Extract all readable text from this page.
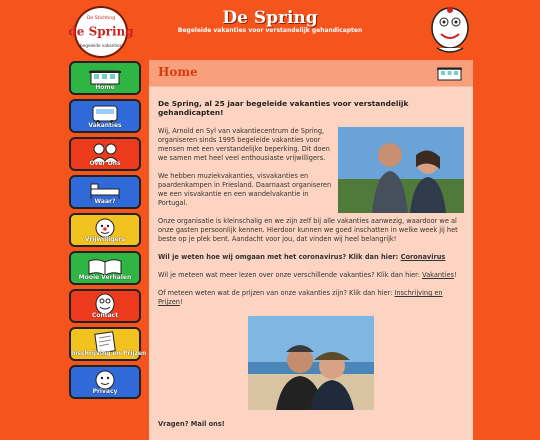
De Stichting
de Spring
begeleide vakanties
De Spring
Begeleide vakanties voor verstandelijk gehandicapten
Home
Vakanties
Over Ons
Waar?
Vrijwilligers
Mooie Verhalen
Contact
Inschrijving en Prijzen
Privacy
Home
De Spring, al 25 jaar begeleide vakanties voor verstandelijk gehandicapten!
Wij, Arnold en Syl van vakantiecentrum de Spring, organiseren sinds 1995 begeleide vakanties voor mensen met een verstandelijke beperking. Dit doen we samen met heel veel enthousiaste vrijwilligers.
We hebben muziekvakanties, visvakanties en paardenkampen in Friesland. Daarnaast organiseren we een visvakantie en een wandelvakantie in Portugal.
Onze organisatie is kleinschalig en we zijn zelf bij alle vakanties aanwezig, waardoor we al onze gasten persoonlijk kennen. Hierdoor kunnen we goed inschatten in welke week jij het beste op je plek bent. Aandacht voor jou, dat vinden wij heel belangrijk!
Wil je weten hoe wij omgaan met het coronavirus? Klik dan hier: Coronavirus
Wil je meteen wat meer lezen over onze verschillende vakanties? Klik dan hier: Vakanties!
Of meteen weten wat de prijzen van onze vakanties zijn? Klik dan hier: Inschrijving en Prijzen!
Vragen? Mail ons!
